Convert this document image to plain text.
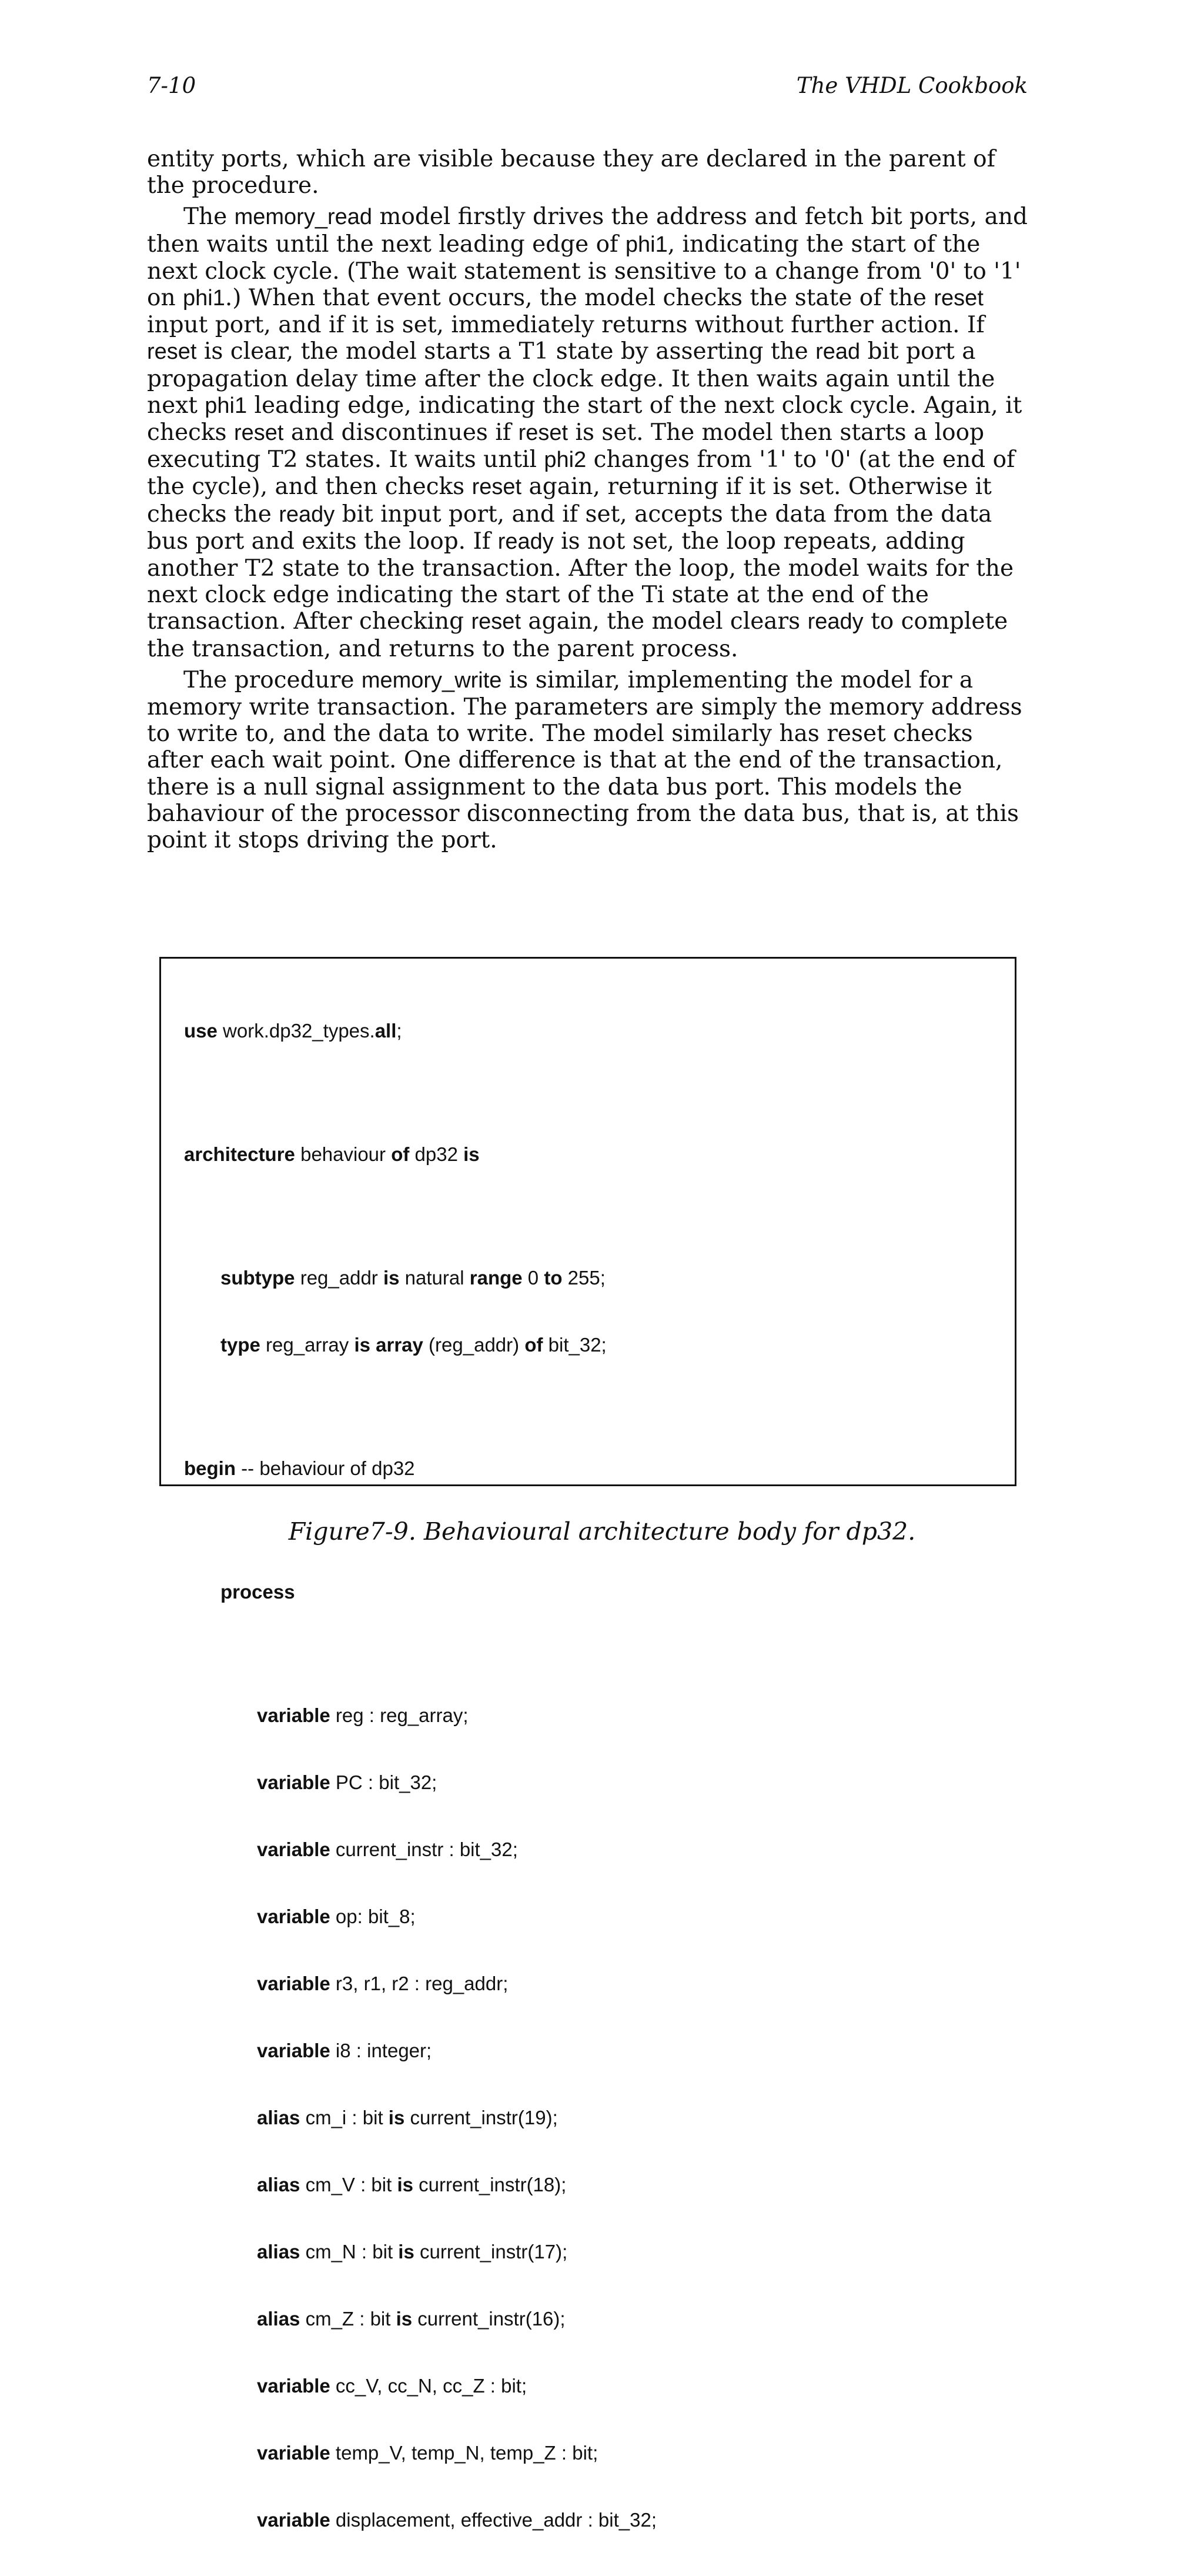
7-10	The VHDL Cookbook

entity ports, which are visible because they are declared in the parent of the procedure.

The memory_read model firstly drives the address and fetch bit ports, and then waits until the next leading edge of phi1, indicating the start of the next clock cycle. (The wait statement is sensitive to a change from '0' to '1' on phi1.) When that event occurs, the model checks the state of the reset input port, and if it is set, immediately returns without further action. If reset is clear, the model starts a T1 state by asserting the read bit port a propagation delay time after the clock edge. It then waits again until the next phi1 leading edge, indicating the start of the next clock cycle. Again, it checks reset and discontinues if reset is set. The model then starts a loop executing T2 states. It waits until phi2 changes from '1' to '0' (at the end of the cycle), and then checks reset again, returning if it is set. Otherwise it checks the ready bit input port, and if set, accepts the data from the data bus port and exits the loop. If ready is not set, the loop repeats, adding another T2 state to the transaction. After the loop, the model waits for the next clock edge indicating the start of the Ti state at the end of the transaction. After checking reset again, the model clears ready to complete the transaction, and returns to the parent process.

The procedure memory_write is similar, implementing the model for a memory write transaction. The parameters are simply the memory address to write to, and the data to write. The model similarly has reset checks after each wait point. One difference is that at the end of the transaction, there is a null signal assignment to the data bus port. This models the bahaviour of the processor disconnecting from the data bus, that is, at this point it stops driving the port.

use work.dp32_types.all;

architecture behaviour of dp32 is

subtype reg_addr is natural range 0 to 255;

type reg_array is array (reg_addr) of bit_32;

begin -- behaviour of dp32

process

variable reg : reg_array;

variable PC : bit_32;

variable current_instr : bit_32;

variable op: bit_8;

variable r3, r1, r2 : reg_addr;

variable i8 : integer;

alias cm_i : bit is current_instr(19);

alias cm_V : bit is current_instr(18);

alias cm_N : bit is current_instr(17);

alias cm_Z : bit is current_instr(16);

variable cc_V, cc_N, cc_Z : bit;

variable temp_V, temp_N, temp_Z : bit;

variable displacement, effective_addr : bit_32;

Figure7-9. Behavioural architecture body for dp32.
